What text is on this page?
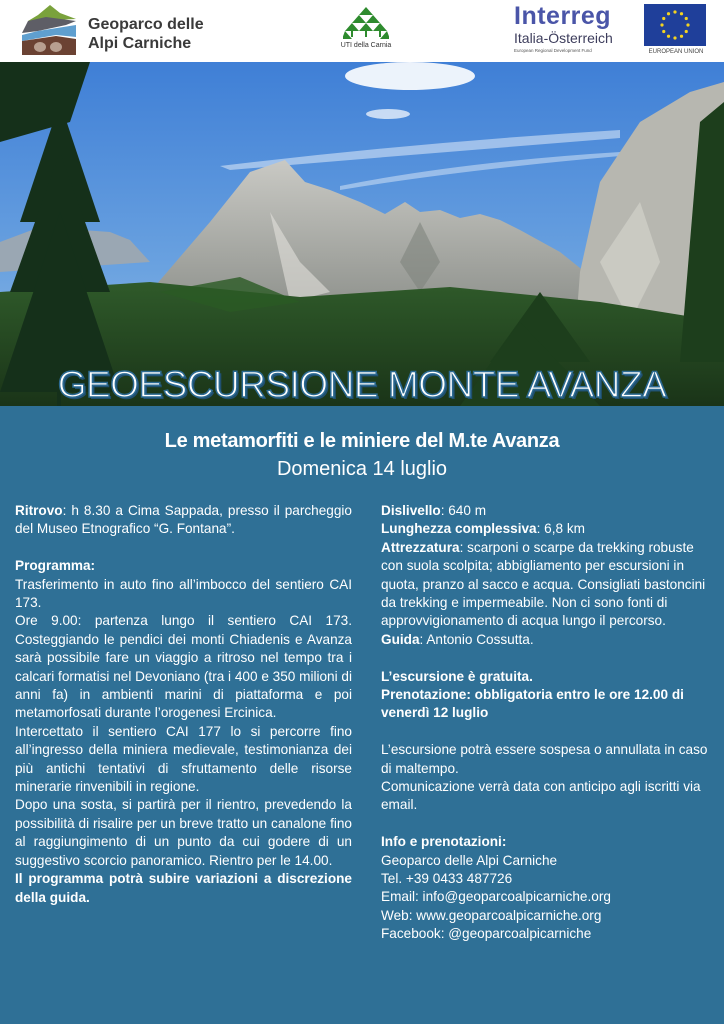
Geoparco delle
Alpi Carniche	UTI della Carnia
Interreg
Italia-Österreich
European Regional Development Fund	EUROPEAN UNION
GEOESCURSIONE MONTE AVANZA
Le metamorfiti e le miniere del M.te Avanza
Domenica 14 luglio

Ritrovo: h 8.30 a Cima Sappada, presso il parcheggio del Museo Etnografico “G. Fontana”.

Programma:

Trasferimento in auto fino all’imbocco del sentiero CAI 173.

Ore 9.00: partenza lungo il sentiero CAI 173. Costeggiando le pendici dei monti Chiadenis e Avanza sarà possibile fare un viaggio a ritroso nel tempo tra i calcari formatisi nel Devoniano (tra i 400 e 350 milioni di anni fa) in ambienti marini di piattaforma e poi metamorfosati durante l’orogenesi Ercinica.

Intercettato il sentiero CAI 177 lo si percorre fino all’ingresso della miniera medievale, testimonianza dei più antichi tentativi di sfruttamento delle risorse minerarie rinvenibili in regione.

Dopo una sosta, si partirà per il rientro, prevedendo la possibilità di risalire per un breve tratto un canalone fino al raggiungimento di un punto da cui godere di un suggestivo scorcio panoramico. Rientro per le 14.00.

Il programma potrà subire variazioni a discrezione della guida.

Dislivello: 640 m

Lunghezza complessiva: 6,8 km

Attrezzatura: scarponi o scarpe da trekking robuste con suola scolpita; abbigliamento per escursioni in quota, pranzo al sacco e acqua. Consigliati bastoncini da trekking e impermeabile. Non ci sono fonti di approvvigionamento di acqua lungo il percorso.

Guida: Antonio Cossutta.

L’escursione è gratuita.

Prenotazione: obbligatoria entro le ore 12.00 di venerdì 12 luglio

L’escursione potrà essere sospesa o annullata in caso di maltempo.

Comunicazione verrà data con anticipo agli iscritti via email.

Info e prenotazioni:

Geoparco delle Alpi Carniche

Tel. +39 0433 487726

Email: info@geoparcoalpicarniche.org

Web: www.geoparcoalpicarniche.org

Facebook: @geoparcoalpicarniche
